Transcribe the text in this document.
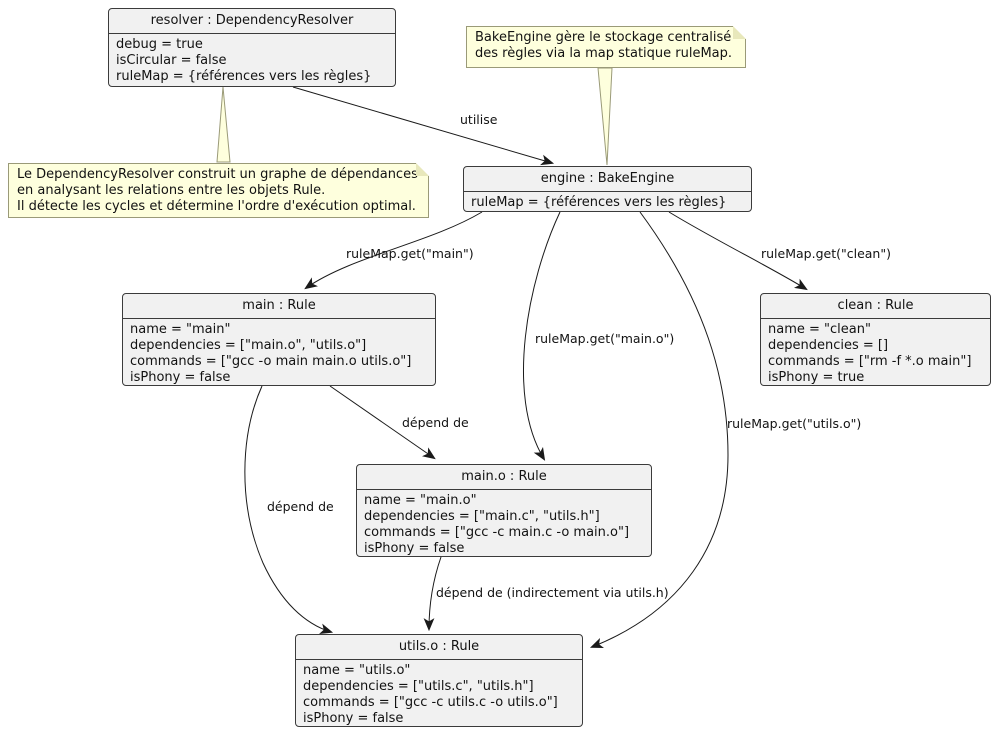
BakeEngine gère le stockage centralisé
des règles via la map statique ruleMap.
Le DependencyResolver construit un graphe de dépendances
en analysant les relations entre les objets Rule.
Il détecte les cycles et détermine l'ordre d'exécution optimal.
resolver : DependencyResolver
debug = true
isCircular = false
ruleMap = {références vers les règles}
engine : BakeEngine
ruleMap = {références vers les règles}
main : Rule
name = "main"
dependencies = ["main.o", "utils.o"]
commands = ["gcc -o main main.o utils.o"]
isPhony = false
clean : Rule
name = "clean"
dependencies = []
commands = ["rm -f *.o main"]
isPhony = true
main.o : Rule
name = "main.o"
dependencies = ["main.c", "utils.h"]
commands = ["gcc -c main.c -o main.o"]
isPhony = false
utils.o : Rule
name = "utils.o"
dependencies = ["utils.c", "utils.h"]
commands = ["gcc -c utils.c -o utils.o"]
isPhony = false
utilise
ruleMap.get("main")	ruleMap.get("clean")
ruleMap.get("main.o")
ruleMap.get("utils.o")
dépend de
dépend de
dépend de (indirectement via utils.h)
